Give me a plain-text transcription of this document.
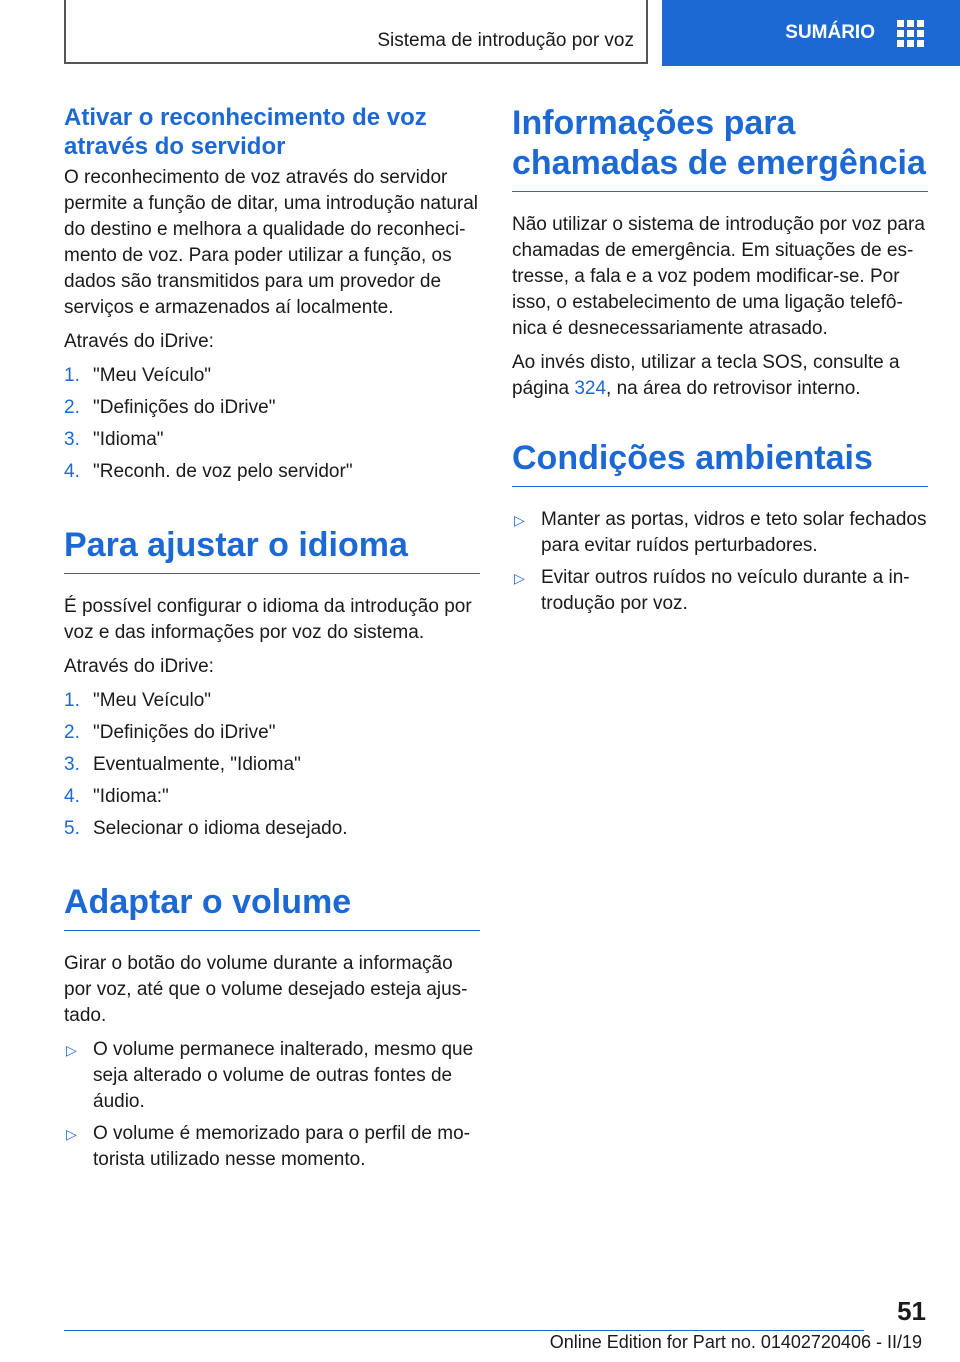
Sistema de introdução por voz	SUMÁRIO
Ativar o reconhecimento de voz
através do servidor

O reconhecimento de voz através do servidor permite a função de ditar, uma introdução natural do destino e melhora a qualidade do reconhecimento de voz. Para poder utilizar a função, os dados são transmitidos para um provedor de serviços e armazenados aí localmente.

Através do iDrive:

1. "Meu Veículo"
2. "Definições do iDrive"
3. "Idioma"
4. "Reconh. de voz pelo servidor"
Para ajustar o idioma

É possível configurar o idioma da introdução por voz e das informações por voz do sistema.

Através do iDrive:

1. "Meu Veículo"
2. "Definições do iDrive"
3. Eventualmente, "Idioma"
4. "Idioma:"
5. Selecionar o idioma desejado.
Adaptar o volume

Girar o botão do volume durante a informação por voz, até que o volume desejado esteja ajustado.

▷ O volume permanece inalterado, mesmo que seja alterado o volume de outras fontes de áudio.
▷ O volume é memorizado para o perfil de motorista utilizado nesse momento.
Informações para
chamadas de emergência

Não utilizar o sistema de introdução por voz para chamadas de emergência. Em situações de estresse, a fala e a voz podem modificar-se. Por isso, o estabelecimento de uma ligação telefônica é desnecessariamente atrasado.

Ao invés disto, utilizar a tecla SOS, consulte a página 324, na área do retrovisor interno.

Condições ambientais
▷ Manter as portas, vidros e teto solar fechados para evitar ruídos perturbadores.
▷ Evitar outros ruídos no veículo durante a introdução por voz.
51
Online Edition for Part no. 01402720406 - II/19
